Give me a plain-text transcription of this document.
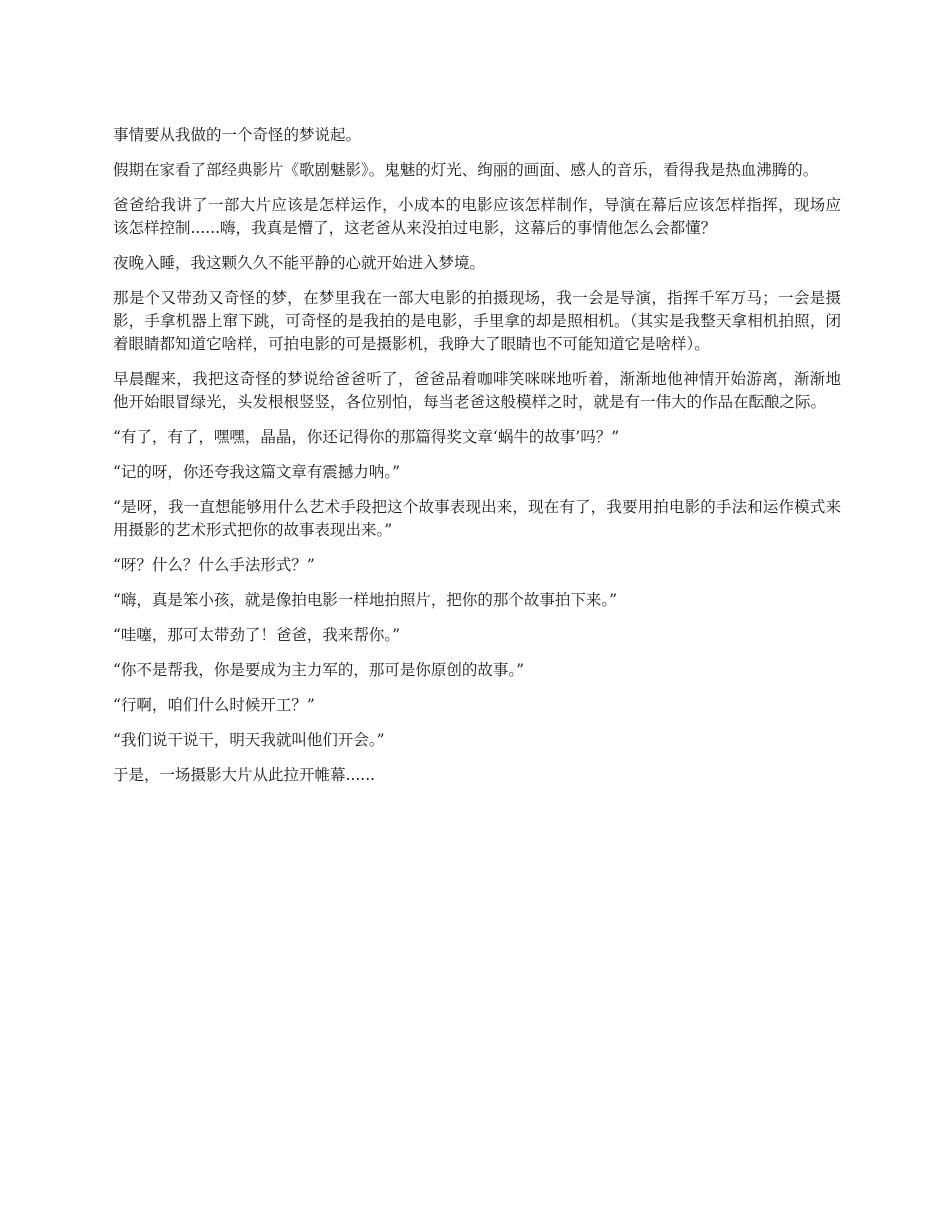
事情要从我做的一个奇怪的梦说起。

假期在家看了部经典影片《歌剧魅影》。鬼魅的灯光、绚丽的画面、感人的音乐，看得我是热血沸腾的。

爸爸给我讲了一部大片应该是怎样运作，小成本的电影应该怎样制作，导演在幕后应该怎样指挥，现场应该怎样控制......嗨，我真是懵了，这老爸从来没拍过电影，这幕后的事情他怎么会都懂？

夜晚入睡，我这颗久久不能平静的心就开始进入梦境。

那是个又带劲又奇怪的梦，在梦里我在一部大电影的拍摄现场，我一会是导演，指挥千军万马；一会是摄影，手拿机器上窜下跳，可奇怪的是我拍的是电影，手里拿的却是照相机。（其实是我整天拿相机拍照，闭着眼睛都知道它啥样，可拍电影的可是摄影机，我睁大了眼睛也不可能知道它是啥样）。

早晨醒来，我把这奇怪的梦说给爸爸听了，爸爸品着咖啡笑咪咪地听着，渐渐地他神情开始游离，渐渐地他开始眼冒绿光，头发根根竖竖，各位别怕，每当老爸这般模样之时，就是有一伟大的作品在酝酿之际。

“有了，有了，嘿嘿，晶晶，你还记得你的那篇得奖文章‘蜗牛的故事’吗？”

“记的呀，你还夸我这篇文章有震撼力呐。”

“是呀，我一直想能够用什么艺术手段把这个故事表现出来，现在有了，我要用拍电影的手法和运作模式来用摄影的艺术形式把你的故事表现出来。”

“呀？什么？什么手法形式？”

“嗨，真是笨小孩，就是像拍电影一样地拍照片，把你的那个故事拍下来。”

“哇噻，那可太带劲了！爸爸，我来帮你。”

“你不是帮我，你是要成为主力军的，那可是你原创的故事。”

“行啊，咱们什么时候开工？”

“我们说干说干，明天我就叫他们开会。”

于是，一场摄影大片从此拉开帷幕......
